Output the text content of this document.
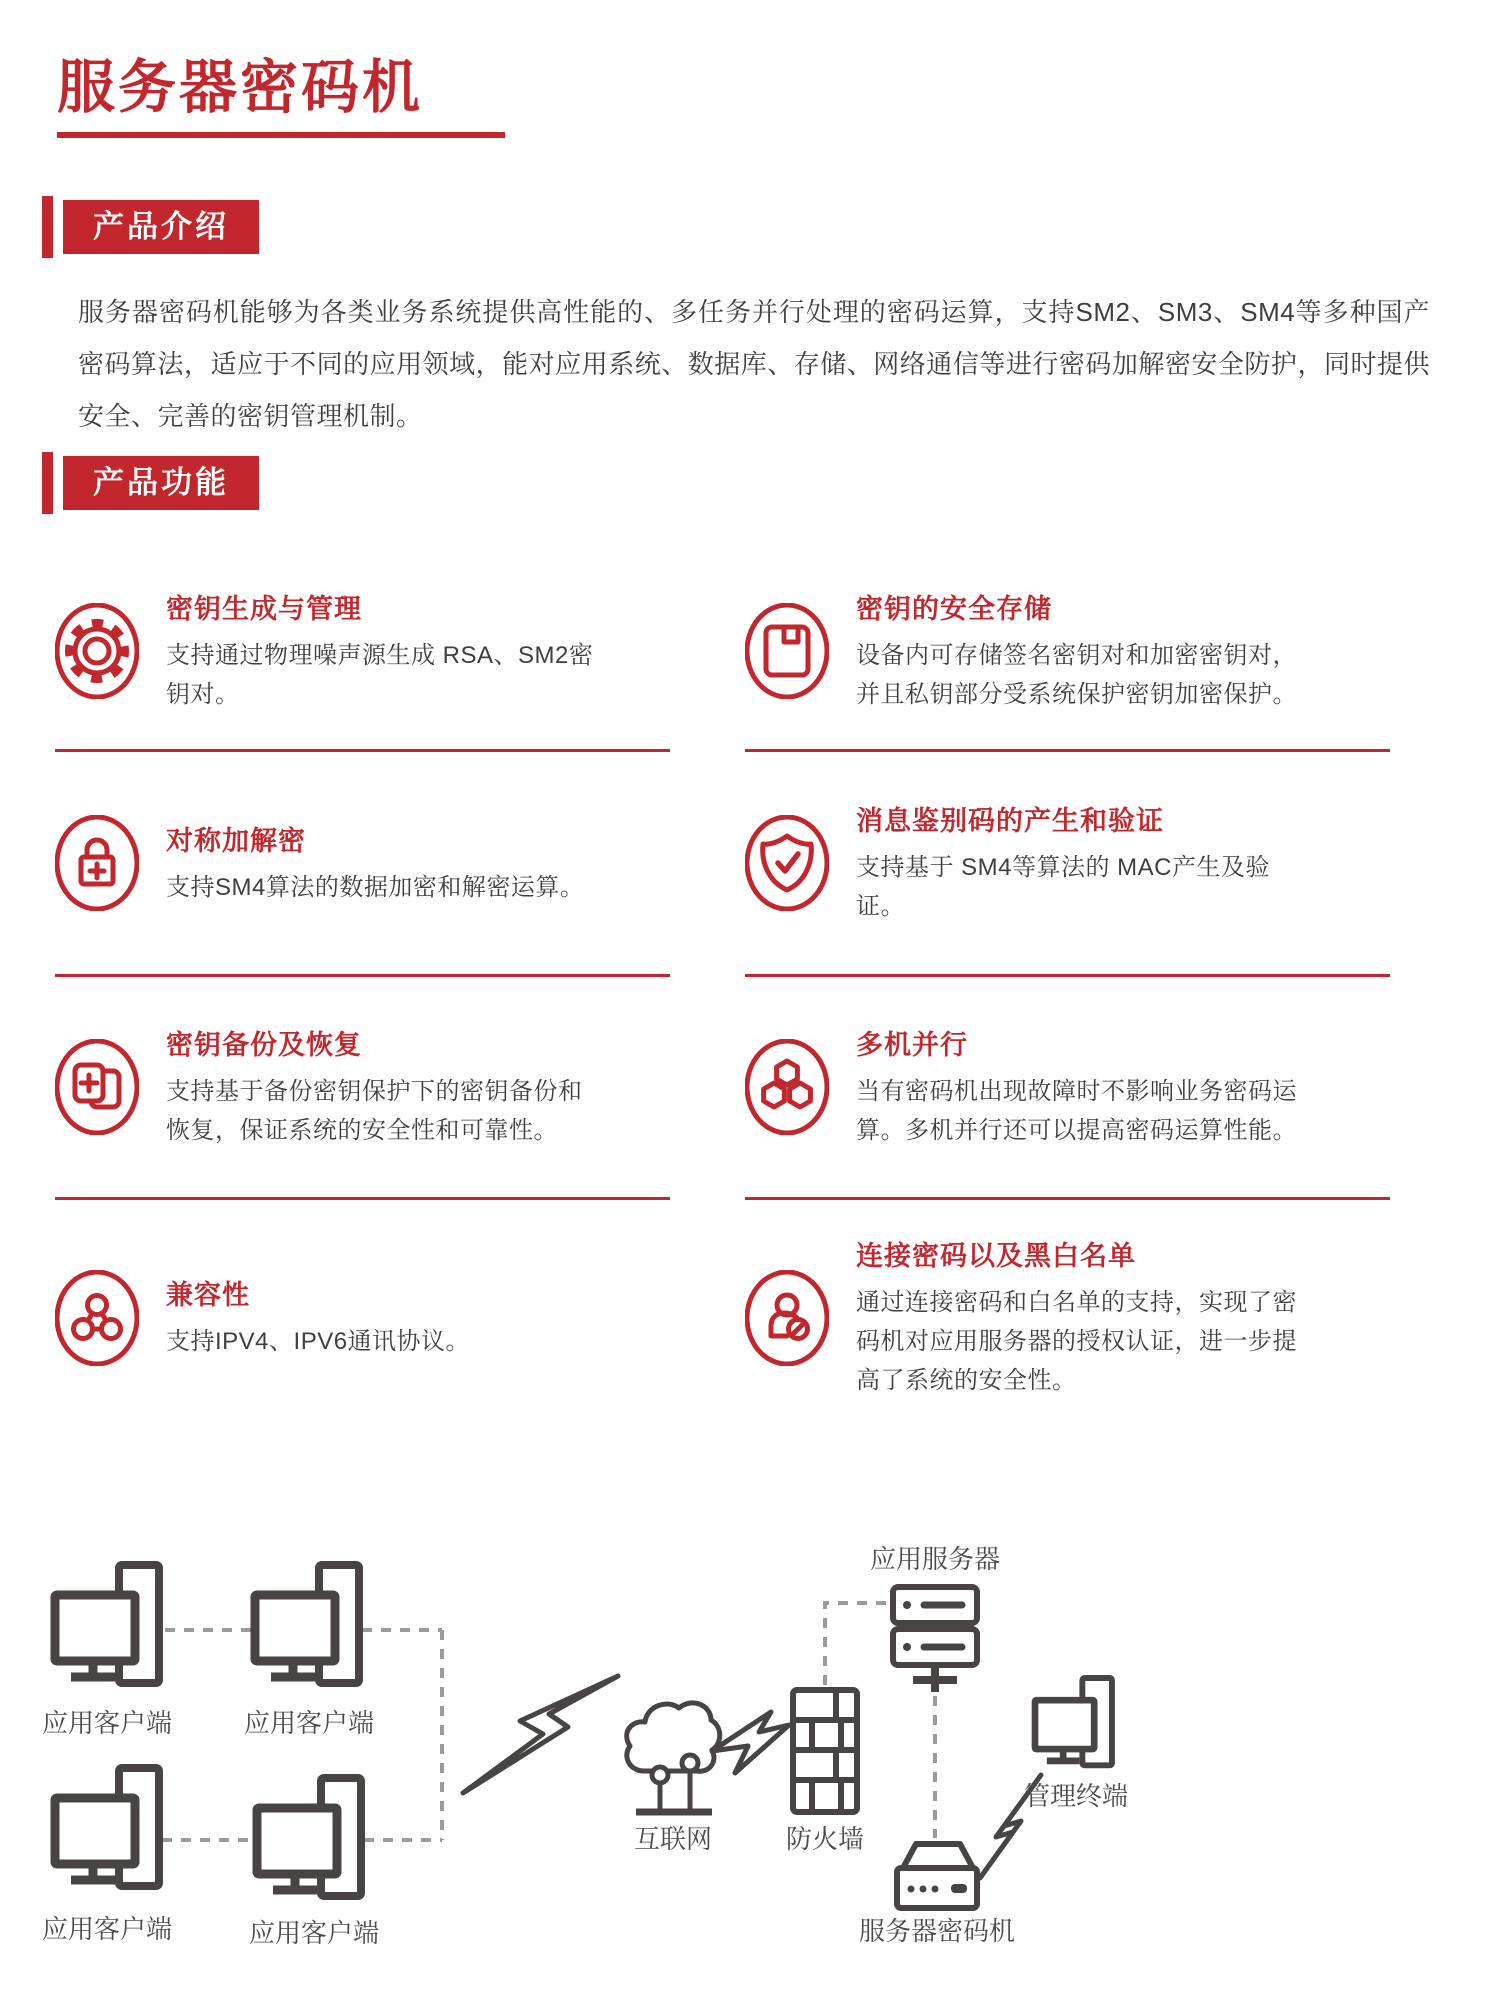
服务器密码机
产品介绍

服务器密码机能够为各类业务系统提供高性能的、多任务并行处理的密码运算，支持SM2、SM3、SM4等多种国产密码算法，适应于不同的应用领域，能对应用系统、数据库、存储、网络通信等进行密码加解密安全防护，同时提供安全、完善的密钥管理机制。

产品功能
密钥生成与管理
支持通过物理噪声源生成 RSA、SM2密钥对。
密钥的安全存储
设备内可存储签名密钥对和加密密钥对，并且私钥部分受系统保护密钥加密保护。
对称加解密
支持SM4算法的数据加密和解密运算。
消息鉴别码的产生和验证
支持基于 SM4等算法的 MAC产生及验证。
密钥备份及恢复
支持基于备份密钥保护下的密钥备份和恢复，保证系统的安全性和可靠性。
多机并行
当有密码机出现故障时不影响业务密码运算。多机并行还可以提高密码运算性能。
兼容性
支持IPV4、IPV6通讯协议。
连接密码以及黑白名单
通过连接密码和白名单的支持，实现了密码机对应用服务器的授权认证，进一步提高了系统的安全性。
应用客户端	应用客户端
应用客户端	应用客户端
互联网	防火墙
应用服务器
服务器密码机
管理终端
